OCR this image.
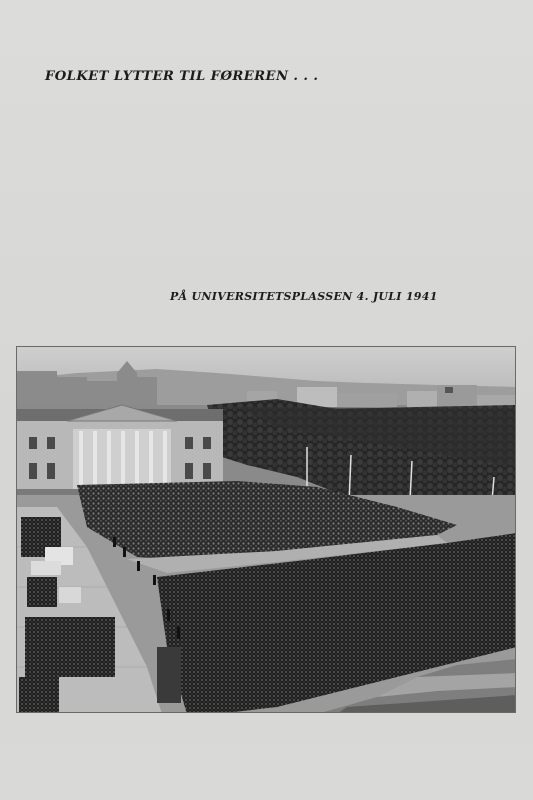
FOLKET LYTTER TIL FØREREN . . .
PÅ UNIVERSITETSPLASSEN 4. JULI 1941
